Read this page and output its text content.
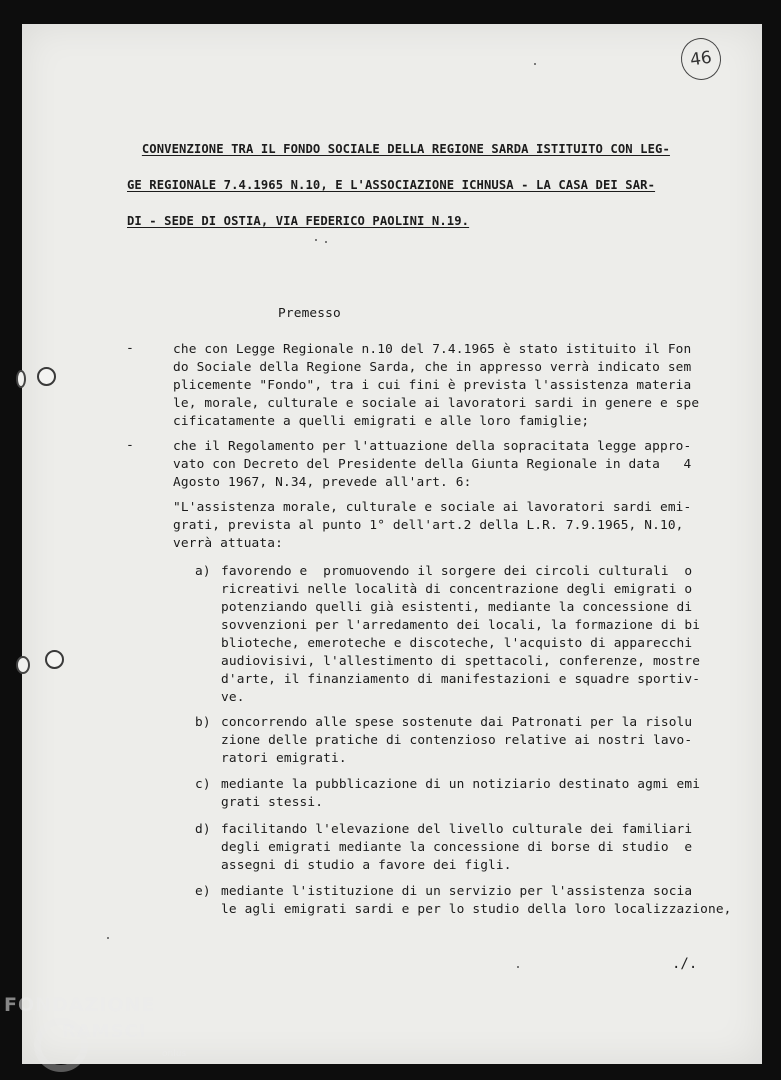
46

CONVENZIONE TRA IL FONDO SOCIALE DELLA REGIONE SARDA ISTITUITO CON LEG-

GE REGIONALE 7.4.1965 N.10, E L'ASSOCIAZIONE ICHNUSA - LA CASA DEI SAR-

DI - SEDE DI OSTIA, VIA FEDERICO PAOLINI N.19.

Premesso
-	che con Legge Regionale n.10 del 7.4.1965 è stato istituito il Fon
do Sociale della Regione Sarda, che in appresso verrà indicato sem
plicemente "Fondo", tra i cui fini è prevista l'assistenza materia
le, morale, culturale e sociale ai lavoratori sardi in genere e spe
cificatamente a quelli emigrati e alle loro famiglie;
-	che il Regolamento per l'attuazione della sopracitata legge appro-
vato con Decreto del Presidente della Giunta Regionale in data   4
Agosto 1967, N.34, prevede all'art. 6:
"L'assistenza morale, culturale e sociale ai lavoratori sardi emi-
grati, prevista al punto 1° dell'art.2 della L.R. 7.9.1965, N.10,
verrà attuata:
a) favorendo e  promuovendo il sorgere dei circoli culturali  o
ricreativi nelle località di concentrazione degli emigrati o
potenziando quelli già esistenti, mediante la concessione di
sovvenzioni per l'arredamento dei locali, la formazione di bi
blioteche, emeroteche e discoteche, l'acquisto di apparecchi
audiovisivi, l'allestimento di spettacoli, conferenze, mostre
d'arte, il finanziamento di manifestazioni e squadre sportiv-
ve.
b) concorrendo alle spese sostenute dai Patronati per la risolu
zione delle pratiche di contenzioso relative ai nostri lavo-
ratori emigrati.
c) mediante la pubblicazione di un notiziario destinato agmi emi
grati stessi.
d) facilitando l'elevazione del livello culturale dei familiari
degli emigrati mediante la concessione di borse di studio  e
assegni di studio a favore dei figli.
e) mediante l'istituzione di un servizio per l'assistenza socia
le agli emigrati sardi e per lo studio della loro localizzazione,
./.
FONDAZIONE
RAMSCI
onlus
